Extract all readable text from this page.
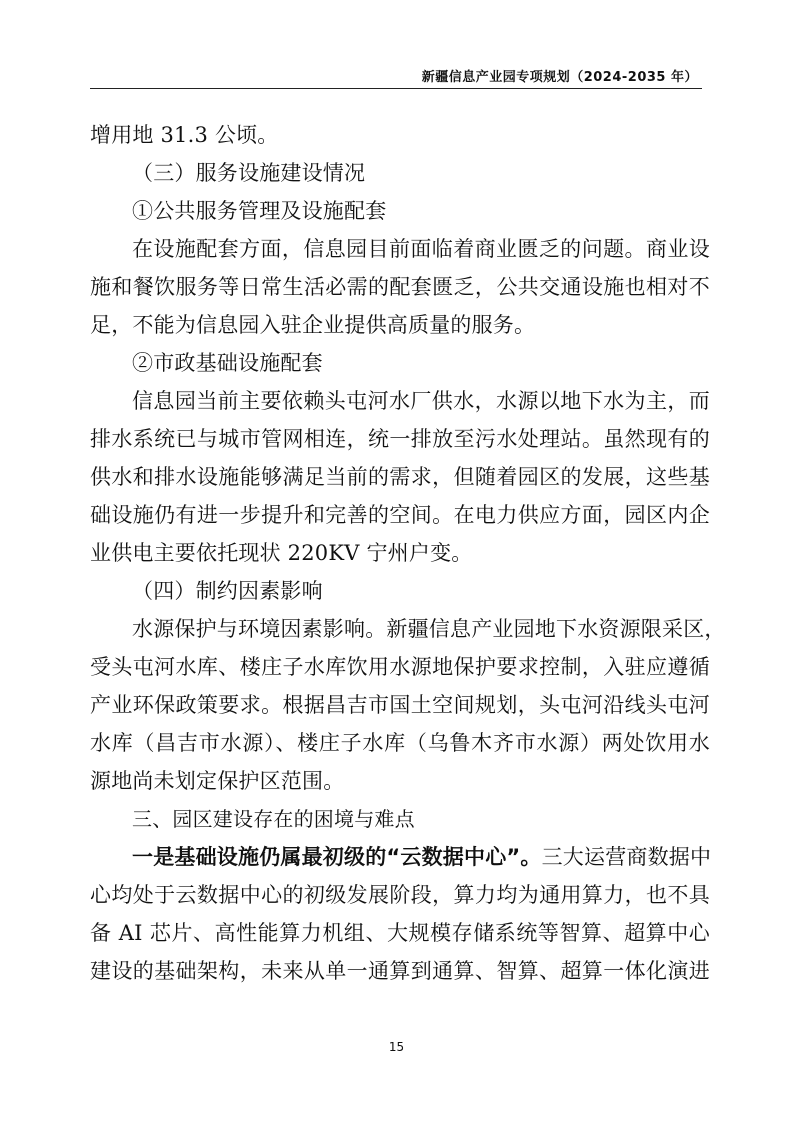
新疆信息产业园专项规划（2024-2035 年）
增用地 31.3 公顷。
（三）服务设施建设情况
①公共服务管理及设施配套
在设施配套方面，信息园目前面临着商业匮乏的问题。商业设
施和餐饮服务等日常生活必需的配套匮乏，公共交通设施也相对不
足，不能为信息园入驻企业提供高质量的服务。
②市政基础设施配套
信息园当前主要依赖头屯河水厂供水，水源以地下水为主，而
排水系统已与城市管网相连，统一排放至污水处理站。虽然现有的
供水和排水设施能够满足当前的需求，但随着园区的发展，这些基
础设施仍有进一步提升和完善的空间。在电力供应方面，园区内企
业供电主要依托现状 220KV 宁州户变。
（四）制约因素影响
水源保护与环境因素影响。新疆信息产业园地下水资源限采区，
受头屯河水库、楼庄子水库饮用水源地保护要求控制，入驻应遵循
产业环保政策要求。根据昌吉市国土空间规划，头屯河沿线头屯河
水库（昌吉市水源）、楼庄子水库（乌鲁木齐市水源）两处饮用水
源地尚未划定保护区范围。
三、园区建设存在的困境与难点
一是基础设施仍属最初级的“云数据中心”。三大运营商数据中
心均处于云数据中心的初级发展阶段，算力均为通用算力，也不具
备 AI 芯片、高性能算力机组、大规模存储系统等智算、超算中心
建设的基础架构，未来从单一通算到通算、智算、超算一体化演进
15
